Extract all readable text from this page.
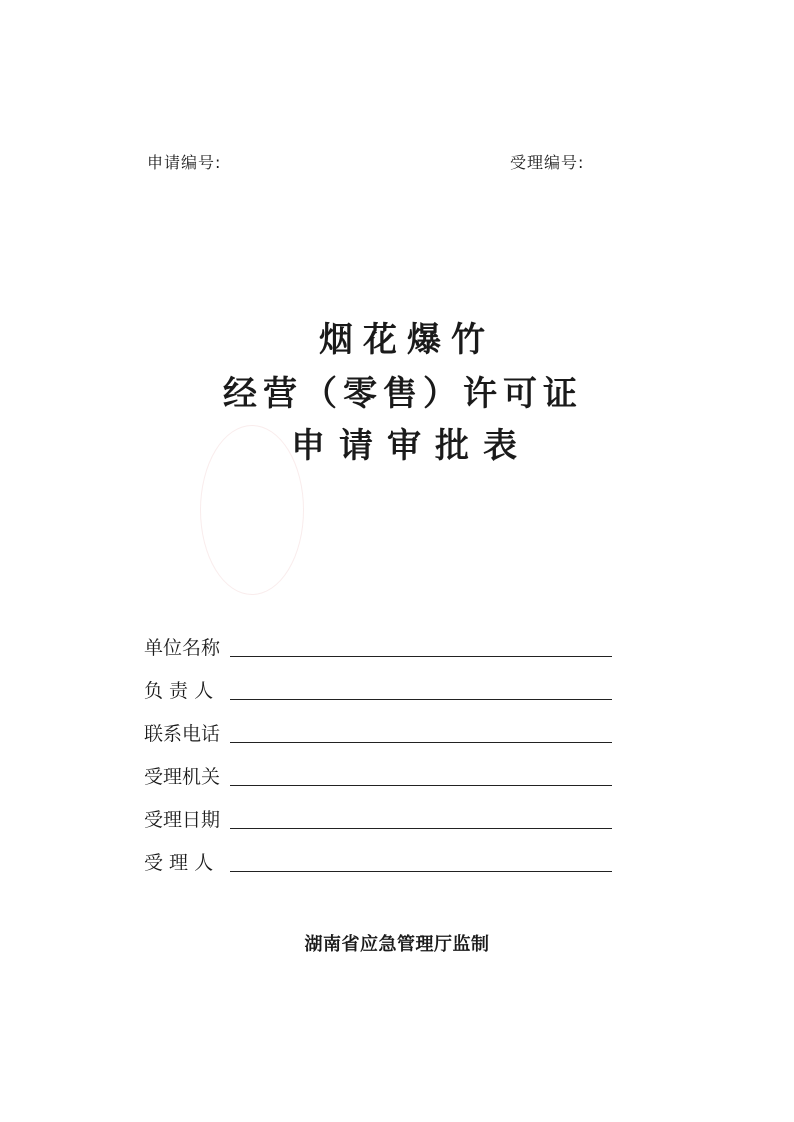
申请编号:	受理编号:
烟花爆竹
经营（零售）许可证
申请审批表
单位名称
负 责 人
联系电话
受理机关
受理日期
受 理 人
湖南省应急管理厅监制
